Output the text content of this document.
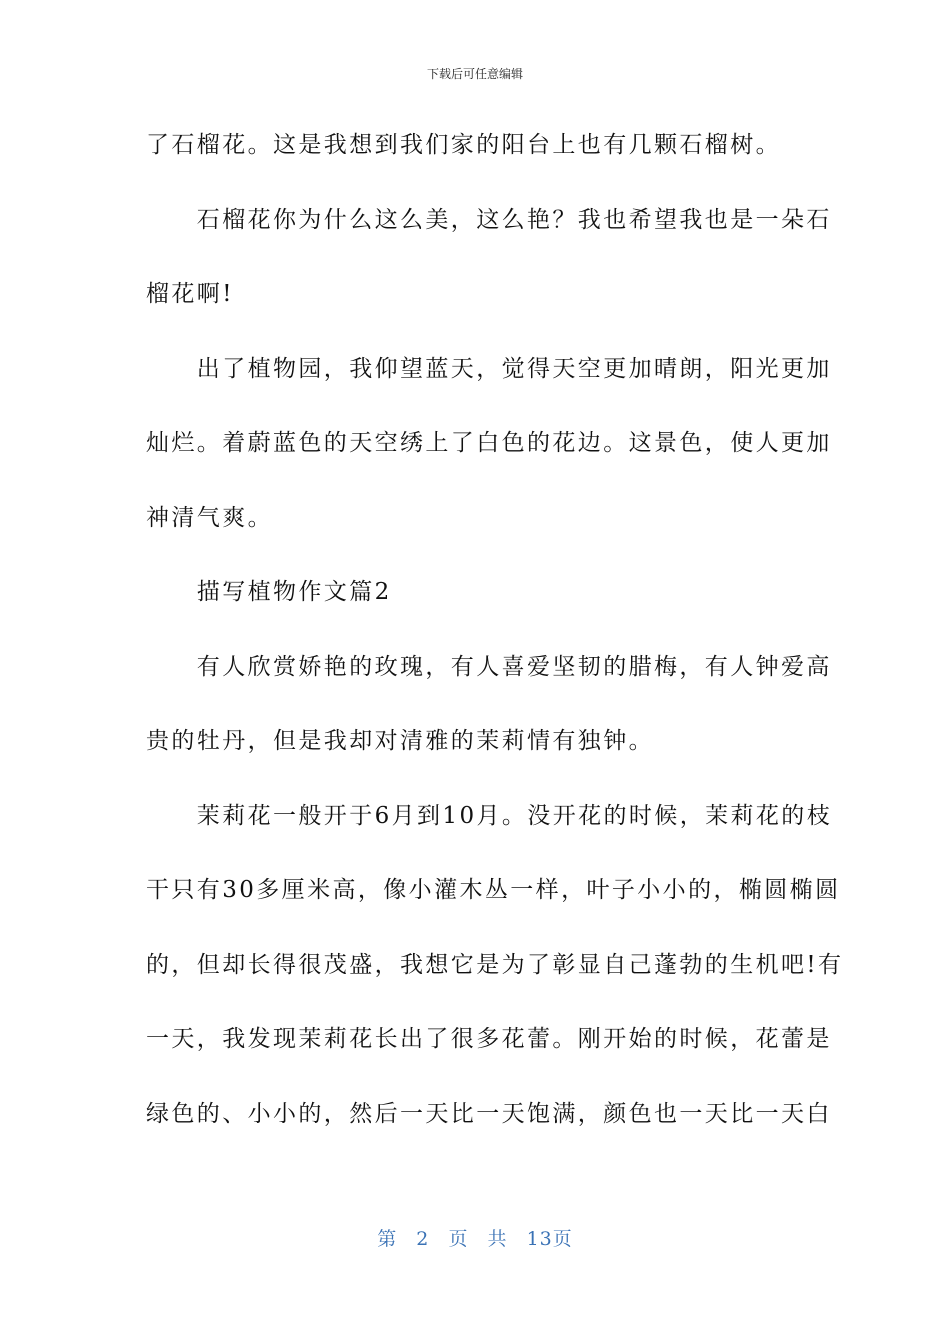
下载后可任意编辑
了石榴花。这是我想到我们家的阳台上也有几颗石榴树。
　　石榴花你为什么这么美，这么艳？我也希望我也是一朵石
榴花啊!
　　出了植物园，我仰望蓝天，觉得天空更加晴朗，阳光更加
灿烂。着蔚蓝色的天空绣上了白色的花边。这景色，使人更加
神清气爽。
　　描写植物作文篇2
　　有人欣赏娇艳的玫瑰，有人喜爱坚韧的腊梅，有人钟爱高
贵的牡丹，但是我却对清雅的茉莉情有独钟。
　　茉莉花一般开于6月到10月。没开花的时候，茉莉花的枝
干只有30多厘米高，像小灌木丛一样，叶子小小的，椭圆椭圆
的，但却长得很茂盛，我想它是为了彰显自己蓬勃的生机吧!有
一天，我发现茉莉花长出了很多花蕾。刚开始的时候，花蕾是
绿色的、小小的，然后一天比一天饱满，颜色也一天比一天白
第 2 页 共 13页
